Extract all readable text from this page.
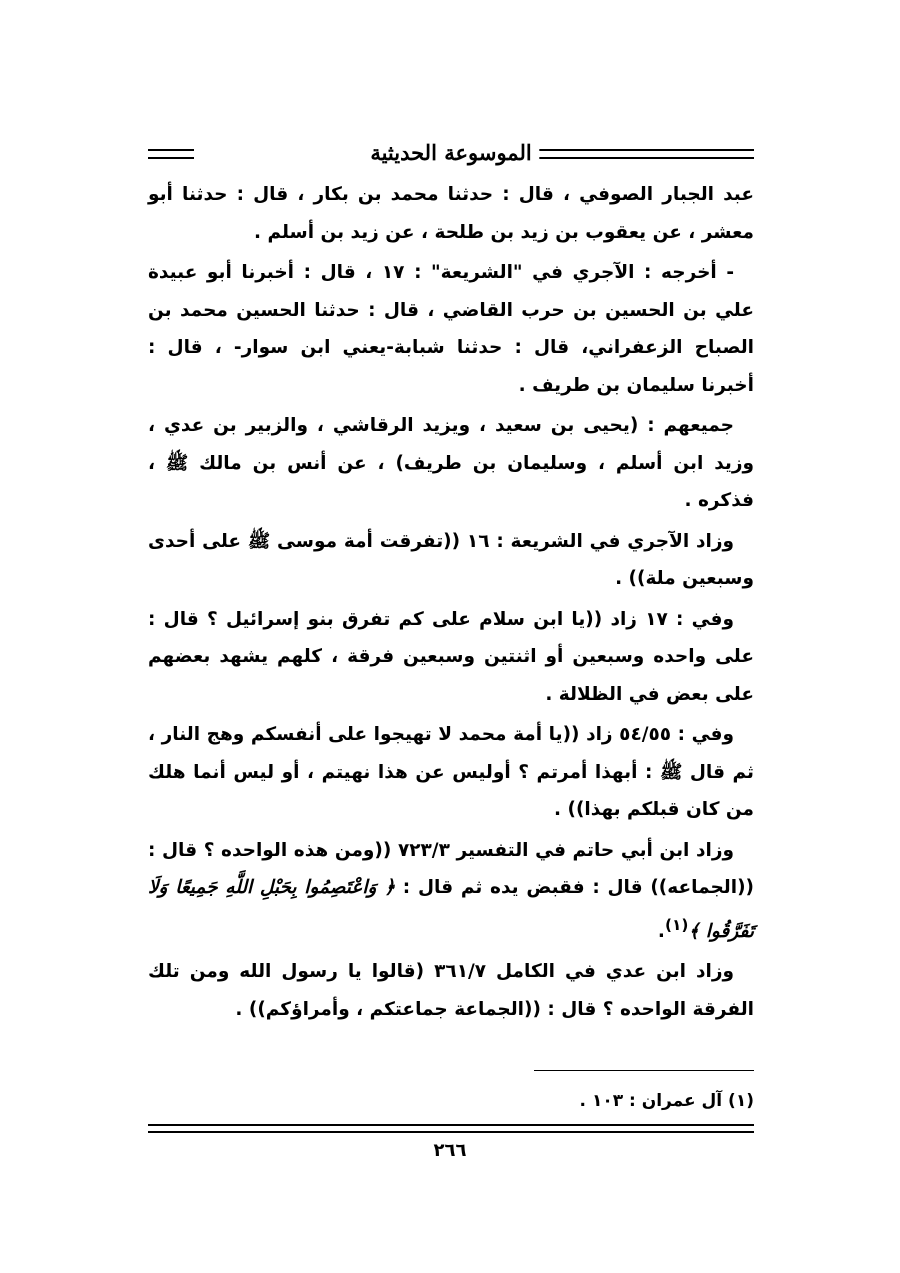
الموسوعة الحديثية

عبد الجبار الصوفي ، قال : حدثنا محمد بن بكار ، قال : حدثنا أبو معشر ، عن يعقوب بن زيد بن طلحة ، عن زيد بن أسلم .

- أخرجه : الآجري في "الشريعة" : ١٧ ، قال : أخبرنا أبو عبيدة علي بن الحسين بن حرب القاضي ، قال : حدثنا الحسين محمد بن الصباح الزعفراني، قال : حدثنا شبابة-يعني ابن سوار- ، قال : أخبرنا سليمان بن طريف .

جميعهم : (يحيى بن سعيد ، ويزيد الرقاشي ، والزبير بن عدي ، وزيد ابن أسلم ، وسليمان بن طريف) ، عن أنس بن مالك ﷺ ، فذكره .

وزاد الآجري في الشريعة : ١٦ ((تفرقت أمة موسى ﷺ على أحدى وسبعين ملة)) .

وفي : ١٧ زاد ((يا ابن سلام على كم تفرق بنو إسرائيل ؟ قال : على واحده وسبعين أو اثنتين وسبعين فرقة ، كلهم يشهد بعضهم على بعض في الظلالة .

وفي : ٥٤/٥٥ زاد ((يا أمة محمد لا تهيجوا على أنفسكم وهج النار ، ثم قال ﷺ : أبهذا أمرتم ؟ أوليس عن هذا نهيتم ، أو ليس أنما هلك من كان قبلكم بهذا)) .

وزاد ابن أبي حاتم في التفسير ٧٢٣/٣ ((ومن هذه الواحده ؟ قال : ((الجماعه)) قال : فقبض يده ثم قال : ﴿ وَاعْتَصِمُوا بِحَبْلِ اللَّهِ جَمِيعًا وَلَا تَفَرَّقُوا ﴾$^{(١)}$.

وزاد ابن عدي في الكامل ٣٦١/٧ (قالوا يا رسول الله ومن تلك الفرقة الواحده ؟ قال : ((الجماعة جماعتكم ، وأمراؤكم)) .

(١) آل عمران : ١٠٣ .
٢٦٦
